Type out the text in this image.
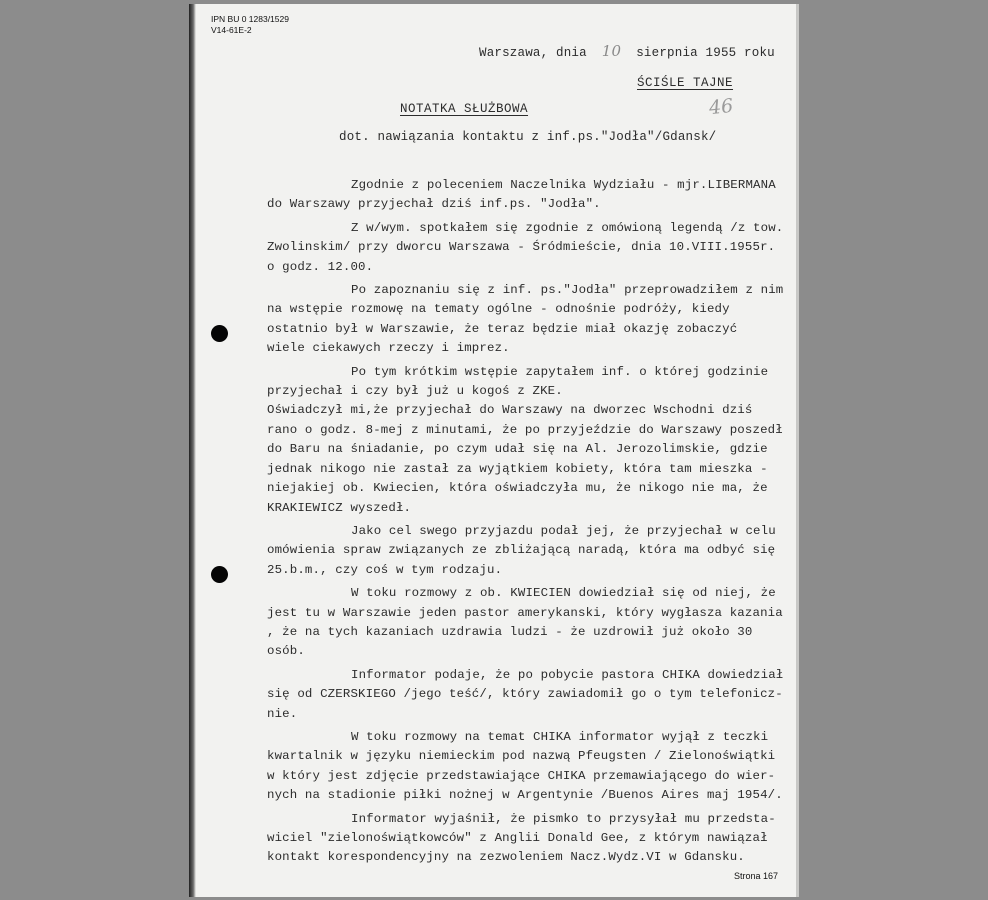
IPN BU 0 1283/1529
V14-61E-2
Warszawa, dnia 10 sierpnia 1955 roku
ŚCIŚLE TAJNE
46
NOTATKA SŁUŻBOWA
dot. nawiązania kontaktu z inf.ps."Jodła"/Gdansk/
Zgodnie z poleceniem Naczelnika Wydziału - mjr.LIBERMANA
do Warszawy przyjechał dziś inf.ps. "Jodła".
Z w/wym. spotkałem się zgodnie z omówioną legendą /z tow.
Zwolinskim/ przy dworcu Warszawa - Śródmieście, dnia 10.VIII.1955r.
o godz. 12.00.
Po zapoznaniu się z inf. ps."Jodła" przeprowadziłem z nim
na wstępie rozmowę na tematy ogólne - odnośnie podróży, kiedy
ostatnio był w Warszawie, że teraz będzie miał okazję zobaczyć
wiele ciekawych rzeczy i imprez.
Po tym krótkim wstępie zapytałem inf. o której godzinie
przyjechał i czy był już u kogoś z ZKE.
Oświadczył mi,że przyjechał do Warszawy na dworzec Wschodni dziś
rano o godz. 8-mej z minutami, że po przyjeździe do Warszawy poszedł
do Baru na śniadanie, po czym udał się na Al. Jerozolimskie, gdzie
jednak nikogo nie zastał za wyjątkiem kobiety, która tam mieszka -
niejakiej ob. Kwiecien, która oświadczyła mu, że nikogo nie ma, że
KRAKIEWICZ wyszedł.
Jako cel swego przyjazdu podał jej, że przyjechał w celu
omówienia spraw związanych ze zbliżającą naradą, która ma odbyć się
25.b.m., czy coś w tym rodzaju.
W toku rozmowy z ob. KWIECIEN dowiedział się od niej, że
jest tu w Warszawie jeden pastor amerykanski, który wygłasza kazania
, że na tych kazaniach uzdrawia ludzi - że uzdrowił już około 30
osób.
Informator podaje, że po pobycie pastora CHIKA dowiedział
się od CZERSKIEGO /jego teść/, który zawiadomił go o tym telefonicz-
nie.
W toku rozmowy na temat CHIKA informator wyjął z teczki
kwartalnik w języku niemieckim pod nazwą Pfeugsten / Zielonoświątki
w który jest zdjęcie przedstawiające CHIKA przemawiającego do wier-
nych na stadionie piłki nożnej w Argentynie /Buenos Aires maj 1954/.
Informator wyjaśnił, że pismko to przysyłał mu przedsta-
wiciel "zielonoświątkowców" z Anglii Donald Gee, z którym nawiązał
kontakt korespondencyjny na zezwoleniem Nacz.Wydz.VI w Gdansku.
Strona 167
